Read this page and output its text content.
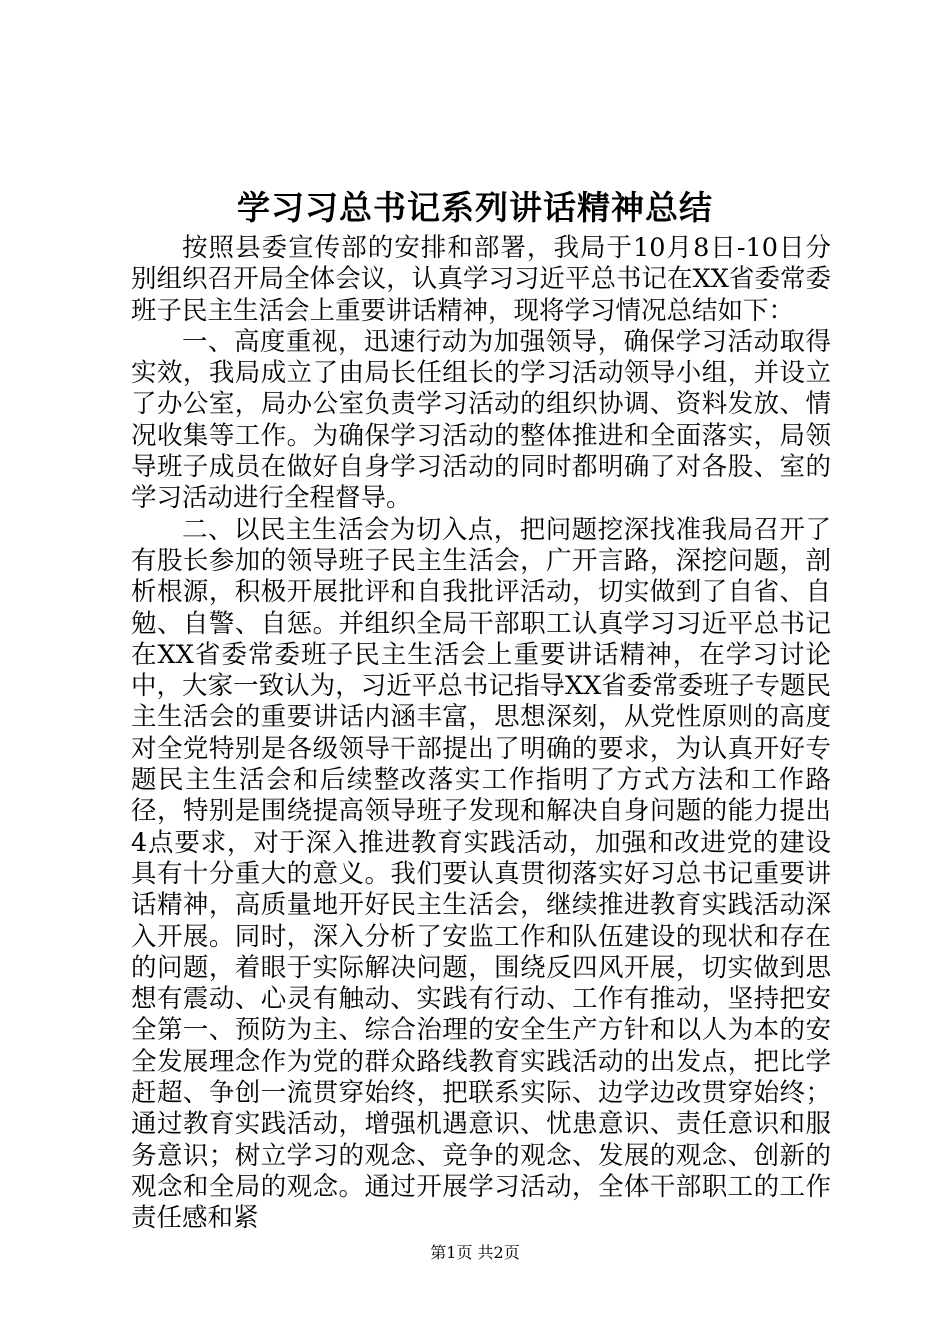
学习习总书记系列讲话精神总结

按照县委宣传部的安排和部署，我局于10月8日-10日分别组织召开局全体会议，认真学习习近平总书记在XX省委常委班子民主生活会上重要讲话精神，现将学习情况总结如下：

一、高度重视，迅速行动为加强领导，确保学习活动取得实效，我局成立了由局长任组长的学习活动领导小组，并设立了办公室，局办公室负责学习活动的组织协调、资料发放、情况收集等工作。为确保学习活动的整体推进和全面落实，局领导班子成员在做好自身学习活动的同时都明确了对各股、室的学习活动进行全程督导。

二、以民主生活会为切入点，把问题挖深找准我局召开了有股长参加的领导班子民主生活会，广开言路，深挖问题，剖析根源，积极开展批评和自我批评活动，切实做到了自省、自勉、自警、自惩。并组织全局干部职工认真学习习近平总书记在XX省委常委班子民主生活会上重要讲话精神，在学习讨论中，大家一致认为，习近平总书记指导XX省委常委班子专题民主生活会的重要讲话内涵丰富，思想深刻，从党性原则的高度对全党特别是各级领导干部提出了明确的要求，为认真开好专题民主生活会和后续整改落实工作指明了方式方法和工作路径，特别是围绕提高领导班子发现和解决自身问题的能力提出4点要求，对于深入推进教育实践活动，加强和改进党的建设具有十分重大的意义。我们要认真贯彻落实好习总书记重要讲话精神，高质量地开好民主生活会，继续推进教育实践活动深入开展。同时，深入分析了安监工作和队伍建设的现状和存在的问题，着眼于实际解决问题，围绕反四风开展，切实做到思想有震动、心灵有触动、实践有行动、工作有推动，坚持把安全第一、预防为主、综合治理的安全生产方针和以人为本的安全发展理念作为党的群众路线教育实践活动的出发点，把比学赶超、争创一流贯穿始终，把联系实际、边学边改贯穿始终；通过教育实践活动，增强机遇意识、忧患意识、责任意识和服务意识；树立学习的观念、竞争的观念、发展的观念、创新的观念和全局的观念。通过开展学习活动，全体干部职工的工作责任感和紧

第1页 共2页
